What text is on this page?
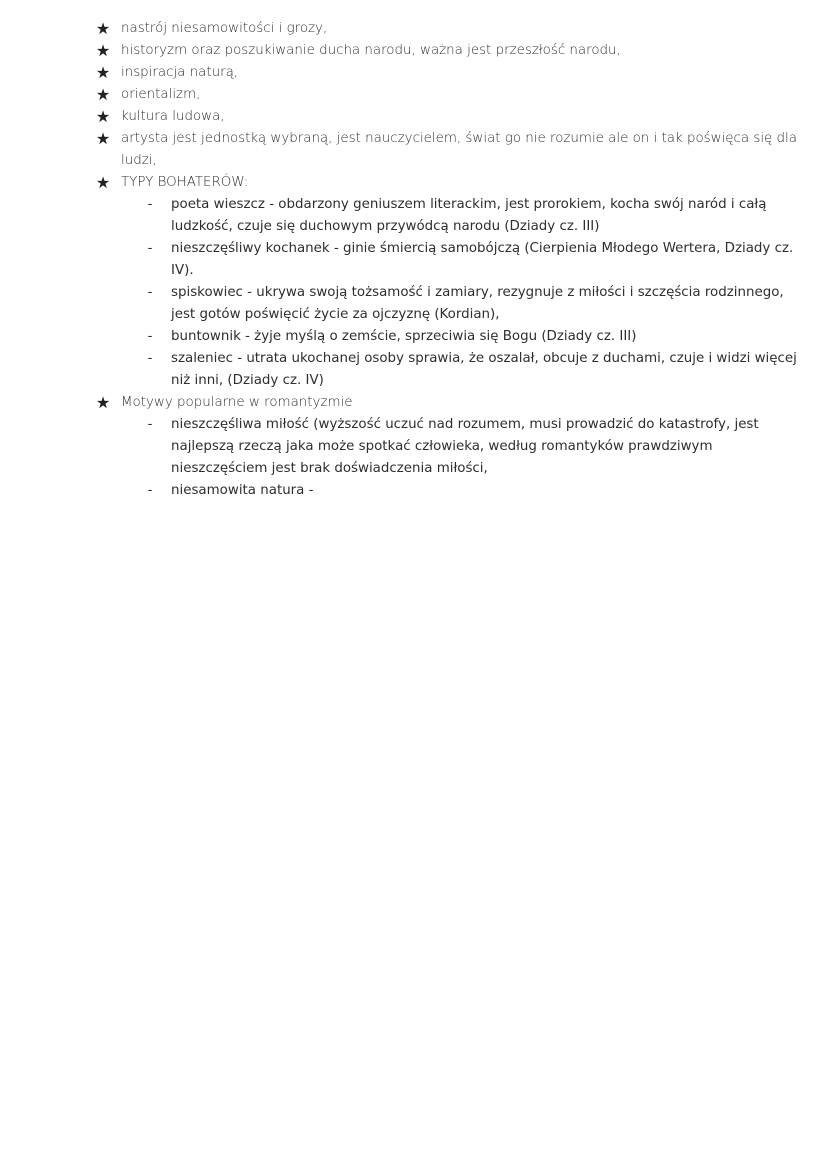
★ nastrój niesamowitości i grozy,
★ historyzm oraz poszukiwanie ducha narodu, ważna jest przeszłość narodu,
★ inspiracja naturą,
★ orientalizm,
★ kultura ludowa,
★ artysta jest jednostką wybraną, jest nauczycielem, świat go nie rozumie ale on i tak poświęca się dla ludzi,
★ TYPY BOHATERÓW:
- poeta wieszcz - obdarzony geniuszem literackim, jest prorokiem, kocha swój naród i całą ludzkość, czuje się duchowym przywódcą narodu (Dziady cz. III)
- nieszczęśliwy kochanek - ginie śmiercią samobójczą (Cierpienia Młodego Wertera, Dziady cz. IV).
- spiskowiec - ukrywa swoją tożsamość i zamiary, rezygnuje z miłości i szczęścia rodzinnego, jest gotów poświęcić życie za ojczyznę (Kordian),
- buntownik - żyje myślą o zemście, sprzeciwia się Bogu (Dziady cz. III)
- szaleniec - utrata ukochanej osoby sprawia, że oszalał, obcuje z duchami, czuje i widzi więcej niż inni, (Dziady cz. IV)
★ Motywy popularne w romantyzmie
- nieszczęśliwa miłość (wyższość uczuć nad rozumem, musi prowadzić do katastrofy, jest najlepszą rzeczą jaka może spotkać człowieka, według romantyków prawdziwym nieszczęściem jest brak doświadczenia miłości,
- niesamowita natura -
